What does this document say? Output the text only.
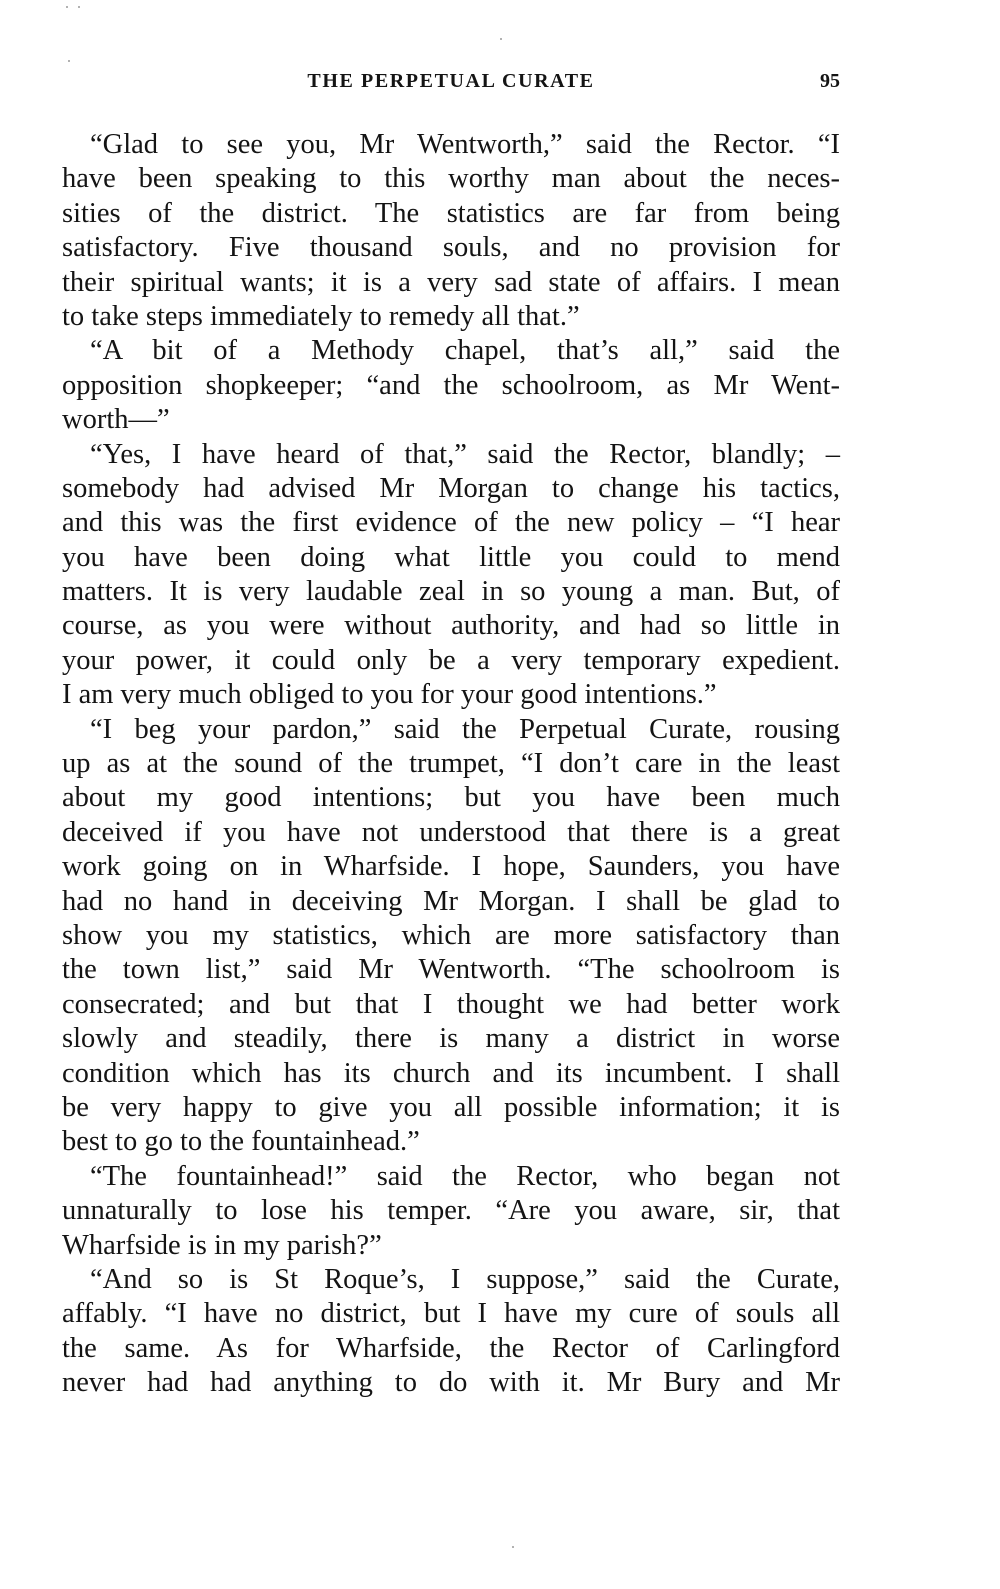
THE PERPETUAL CURATE	95
“Glad to see you, Mr Wentworth,” said the Rector. “I
have been speaking to this worthy man about the neces-
sities of the district. The statistics are far from being
satisfactory. Five thousand souls, and no provision for
their spiritual wants; it is a very sad state of affairs. I mean
to take steps immediately to remedy all that.”
“A bit of a Methody chapel, that’s all,” said the
opposition shopkeeper; “and the schoolroom, as Mr Went-
worth—”
“Yes, I have heard of that,” said the Rector, blandly; –
somebody had advised Mr Morgan to change his tactics,
and this was the first evidence of the new policy – “I hear
you have been doing what little you could to mend
matters. It is very laudable zeal in so young a man. But, of
course, as you were without authority, and had so little in
your power, it could only be a very temporary expedient.
I am very much obliged to you for your good intentions.”
“I beg your pardon,” said the Perpetual Curate, rousing
up as at the sound of the trumpet, “I don’t care in the least
about my good intentions; but you have been much
deceived if you have not understood that there is a great
work going on in Wharfside. I hope, Saunders, you have
had no hand in deceiving Mr Morgan. I shall be glad to
show you my statistics, which are more satisfactory than
the town list,” said Mr Wentworth. “The schoolroom is
consecrated; and but that I thought we had better work
slowly and steadily, there is many a district in worse
condition which has its church and its incumbent. I shall
be very happy to give you all possible information; it is
best to go to the fountainhead.”
“The fountainhead!” said the Rector, who began not
unnaturally to lose his temper. “Are you aware, sir, that
Wharfside is in my parish?”
“And so is St Roque’s, I suppose,” said the Curate,
affably. “I have no district, but I have my cure of souls all
the same. As for Wharfside, the Rector of Carlingford
never had had anything to do with it. Mr Bury and Mr
